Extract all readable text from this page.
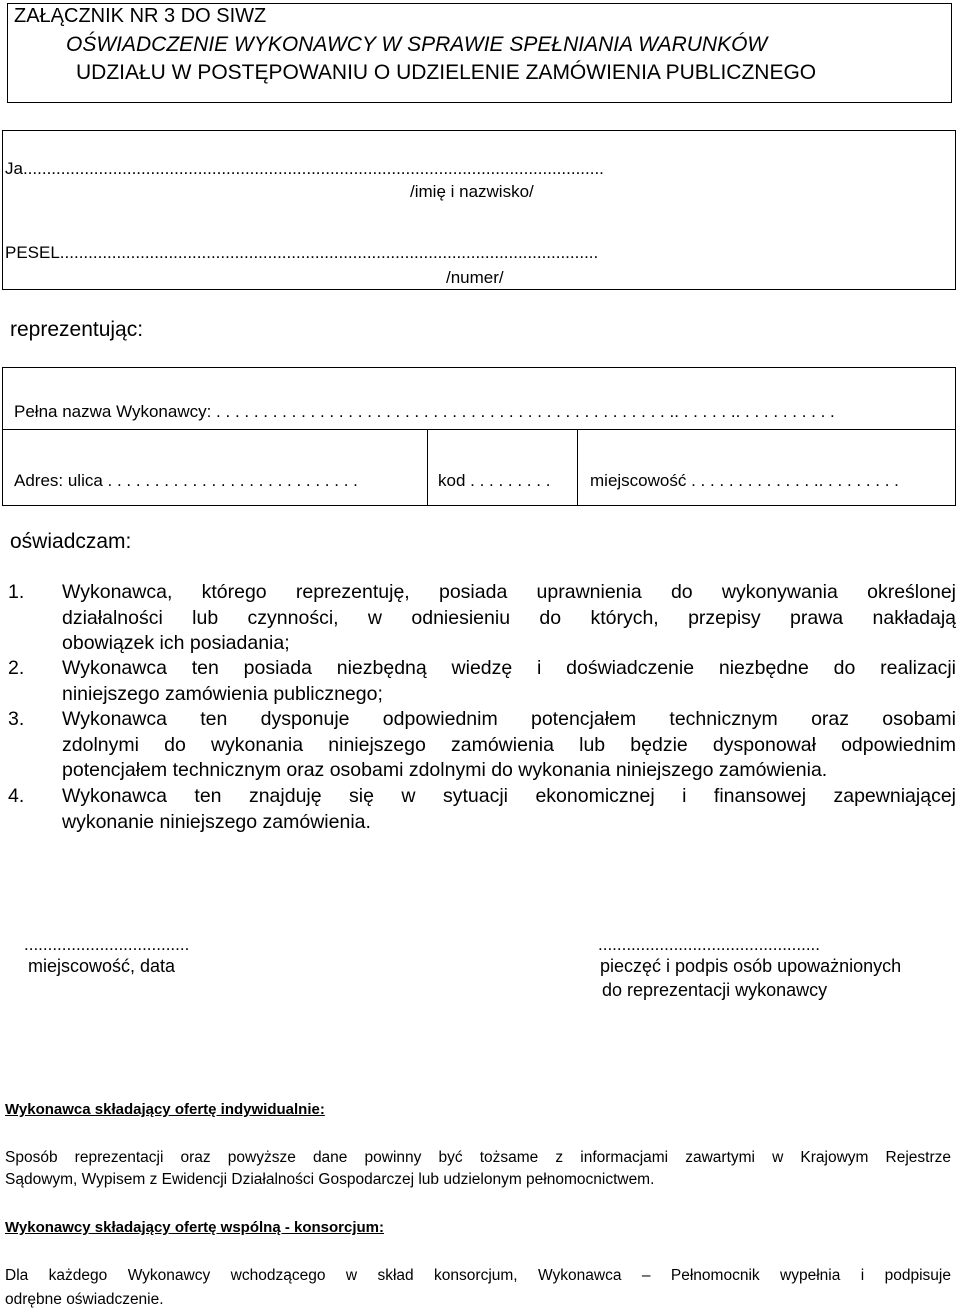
ZAŁĄCZNIK NR 3 DO SIWZ
OŚWIADCZENIE WYKONAWCY W SPRAWIE SPEŁNIANIA WARUNKÓW
UDZIAŁU W POSTĘPOWANIU O UDZIELENIE ZAMÓWIENIA PUBLICZNEGO
Ja...........................................................................................................................
/imię i nazwisko/
PESEL..................................................................................................................
/numer/
reprezentując:
Pełna nazwa Wykonawcy: . . . . . . . . . . . . . . . . . . . . . . . . . . . . . . . . . . . . . . . . . . . . . . . . .. . . . . . .. . . . . . . . . . .
Adres: ulica . . . . . . . . . . . . . . . . . . . . . . . . . . .	kod . . . . . . . . .	miejscowość . . . . . . . . . . . . . .. . . . . . . . .
oświadczam:
1. Wykonawca, którego reprezentuję, posiada uprawnienia do wykonywania określonej
działalności lub czynności, w odniesieniu do których, przepisy prawa nakładają
obowiązek ich posiadania;
2. Wykonawca ten posiada niezbędną wiedzę i doświadczenie niezbędne do realizacji
niniejszego zamówienia publicznego;
3. Wykonawca ten dysponuje odpowiednim potencjałem technicznym oraz osobami
zdolnymi do wykonania niniejszego zamówienia lub będzie dysponował odpowiednim
potencjałem technicznym oraz osobami zdolnymi do wykonania niniejszego zamówienia.
4. Wykonawca ten znajduję się w sytuacji ekonomicznej i finansowej zapewniającej
wykonanie niniejszego zamówienia.
...................................
miejscowość, data
...............................................
pieczęć i podpis osób upoważnionych
do reprezentacji wykonawcy
Wykonawca składający ofertę indywidualnie:
Sposób reprezentacji oraz powyższe dane powinny być tożsame z informacjami zawartymi w Krajowym Rejestrze
Sądowym, Wypisem z Ewidencji Działalności Gospodarczej lub udzielonym pełnomocnictwem.
Wykonawcy składający ofertę wspólną - konsorcjum:
Dla każdego Wykonawcy wchodzącego w skład konsorcjum, Wykonawca – Pełnomocnik wypełnia i podpisuje
odrębne oświadczenie.
